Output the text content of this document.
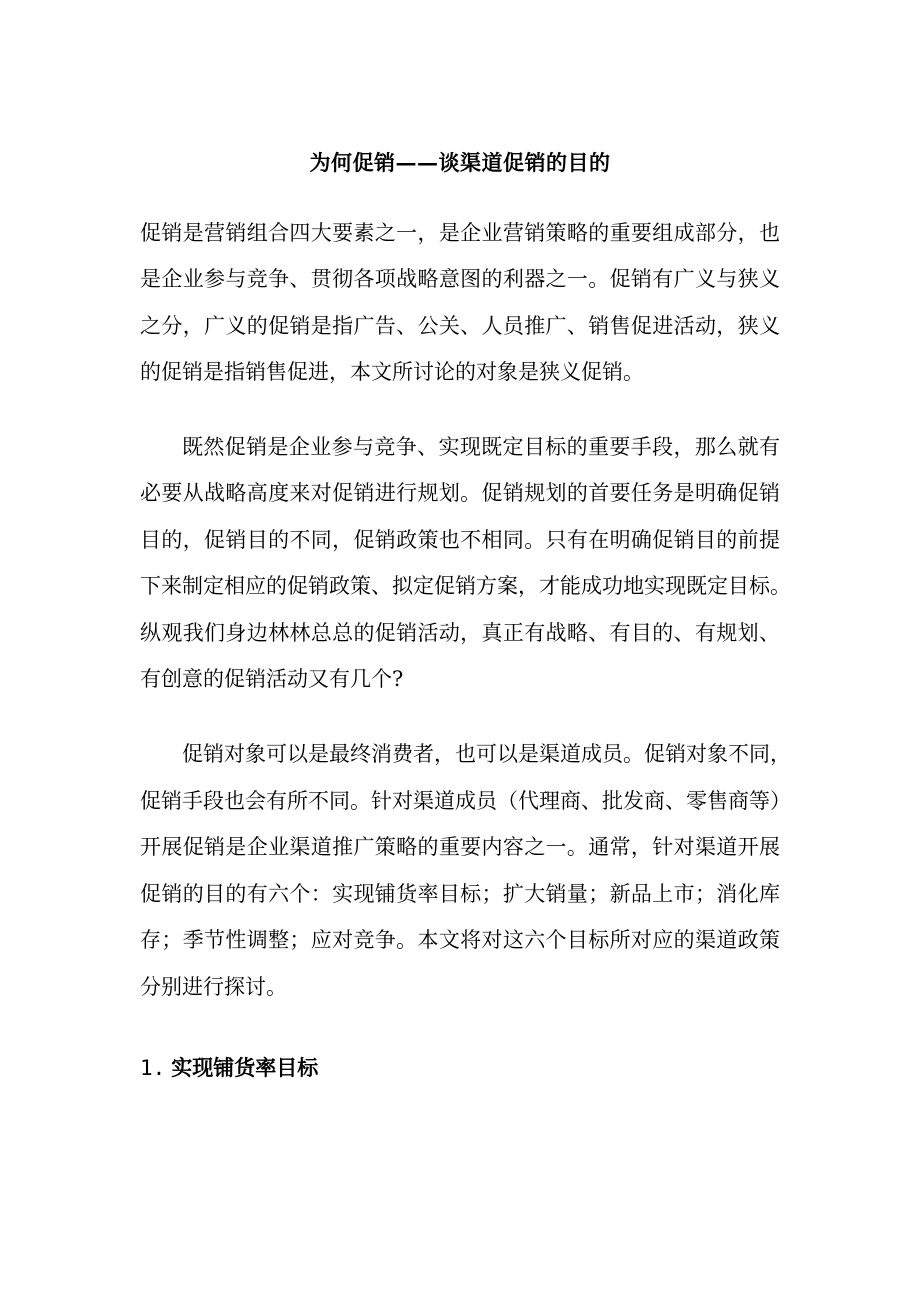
为何促销——谈渠道促销的目的
促销是营销组合四大要素之一，是企业营销策略的重要组成部分，也
是企业参与竞争、贯彻各项战略意图的利器之一。促销有广义与狭义
之分，广义的促销是指广告、公关、人员推广、销售促进活动，狭义
的促销是指销售促进，本文所讨论的对象是狭义促销。
既然促销是企业参与竞争、实现既定目标的重要手段，那么就有
必要从战略高度来对促销进行规划。促销规划的首要任务是明确促销
目的，促销目的不同，促销政策也不相同。只有在明确促销目的前提
下来制定相应的促销政策、拟定促销方案，才能成功地实现既定目标。
纵观我们身边林林总总的促销活动，真正有战略、有目的、有规划、
有创意的促销活动又有几个?
促销对象可以是最终消费者，也可以是渠道成员。促销对象不同，
促销手段也会有所不同。针对渠道成员（代理商、批发商、零售商等）
开展促销是企业渠道推广策略的重要内容之一。通常，针对渠道开展
促销的目的有六个：实现铺货率目标；扩大销量；新品上市；消化库
存；季节性调整；应对竞争。本文将对这六个目标所对应的渠道政策
分别进行探讨。
1. 实现铺货率目标
